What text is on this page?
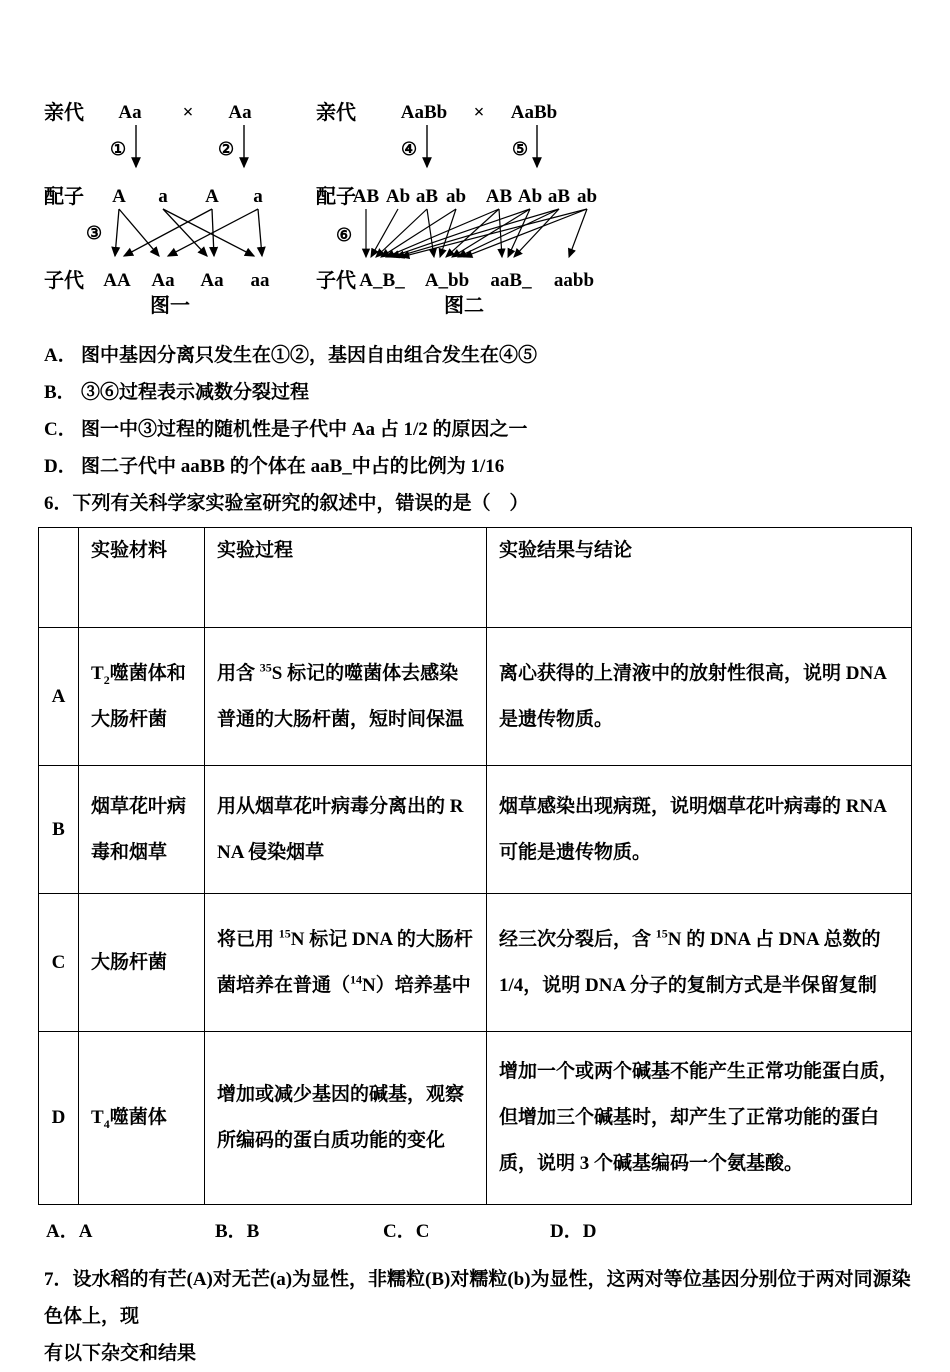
亲代 Aa × Aa
①	②
配子 A a A a
③
子代 AA Aa Aa aa
图一
亲代 AaBb × AaBb
④	⑤
配子
AB Ab aB ab AB Ab aB ab
⑥
子代 A_B_ A_bb aaB_ aabb
图二
A． 图中基因分离只发生在①②，基因自由组合发生在④⑤
B． ③⑥过程表示减数分裂过程
C． 图一中③过程的随机性是子代中 Aa 占 1/2 的原因之一
D． 图二子代中 aaBB 的个体在 aaB_中占的比例为 1/16
6．下列有关科学家实验室研究的叙述中，错误的是（　）
	实验材料	实验过程	实验结果与结论
A	$T_2$噬菌体和大肠杆菌	用含 $^{35}$S 标记的噬菌体去感染普通的大肠杆菌，短时间保温	离心获得的上清液中的放射性很高，说明 DNA 是遗传物质。
B	烟草花叶病毒和烟草	用从烟草花叶病毒分离出的 RNA 侵染烟草	烟草感染出现病斑，说明烟草花叶病毒的 RNA 可能是遗传物质。
C	大肠杆菌	将已用 $^{15}$N 标记 DNA 的大肠杆菌培养在普通（$^{14}$N）培养基中	经三次分裂后，含 $^{15}$N 的 DNA 占 DNA 总数的 1/4，说明 DNA 分子的复制方式是半保留复制
D	$T_4$噬菌体	增加或减少基因的碱基，观察所编码的蛋白质功能的变化	增加一个或两个碱基不能产生正常功能蛋白质，但增加三个碱基时，却产生了正常功能的蛋白质，说明 3 个碱基编码一个氨基酸。
A．A	B．B	C．C	D．D
7．设水稻的有芒(A)对无芒(a)为显性，非糯粒(B)对糯粒(b)为显性，这两对等位基因分别位于两对同源染色体上，现
有以下杂交和结果
